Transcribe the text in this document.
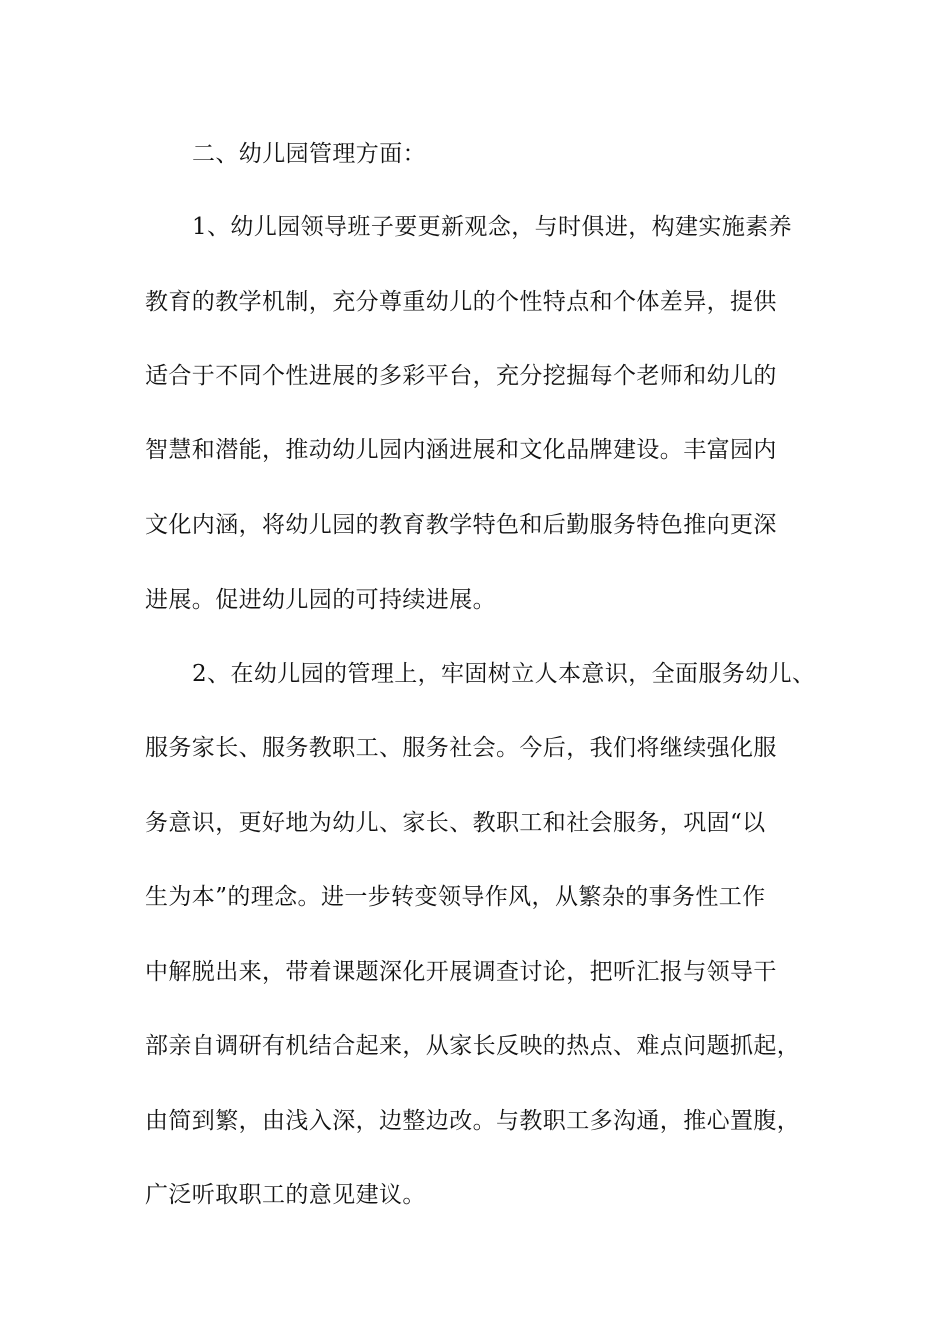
二、幼儿园管理方面：
1、幼儿园领导班子要更新观念，与时俱进，构建实施素养
教育的教学机制，充分尊重幼儿的个性特点和个体差异，提供
适合于不同个性进展的多彩平台，充分挖掘每个老师和幼儿的
智慧和潜能，推动幼儿园内涵进展和文化品牌建设。丰富园内
文化内涵，将幼儿园的教育教学特色和后勤服务特色推向更深
进展。促进幼儿园的可持续进展。
2、在幼儿园的管理上，牢固树立人本意识，全面服务幼儿、
服务家长、服务教职工、服务社会。今后，我们将继续强化服
务意识，更好地为幼儿、家长、教职工和社会服务，巩固“以
生为本”的理念。进一步转变领导作风，从繁杂的事务性工作
中解脱出来，带着课题深化开展调查讨论，把听汇报与领导干
部亲自调研有机结合起来，从家长反映的热点、难点问题抓起，
由简到繁，由浅入深，边整边改。与教职工多沟通，推心置腹，
广泛听取职工的意见建议。
